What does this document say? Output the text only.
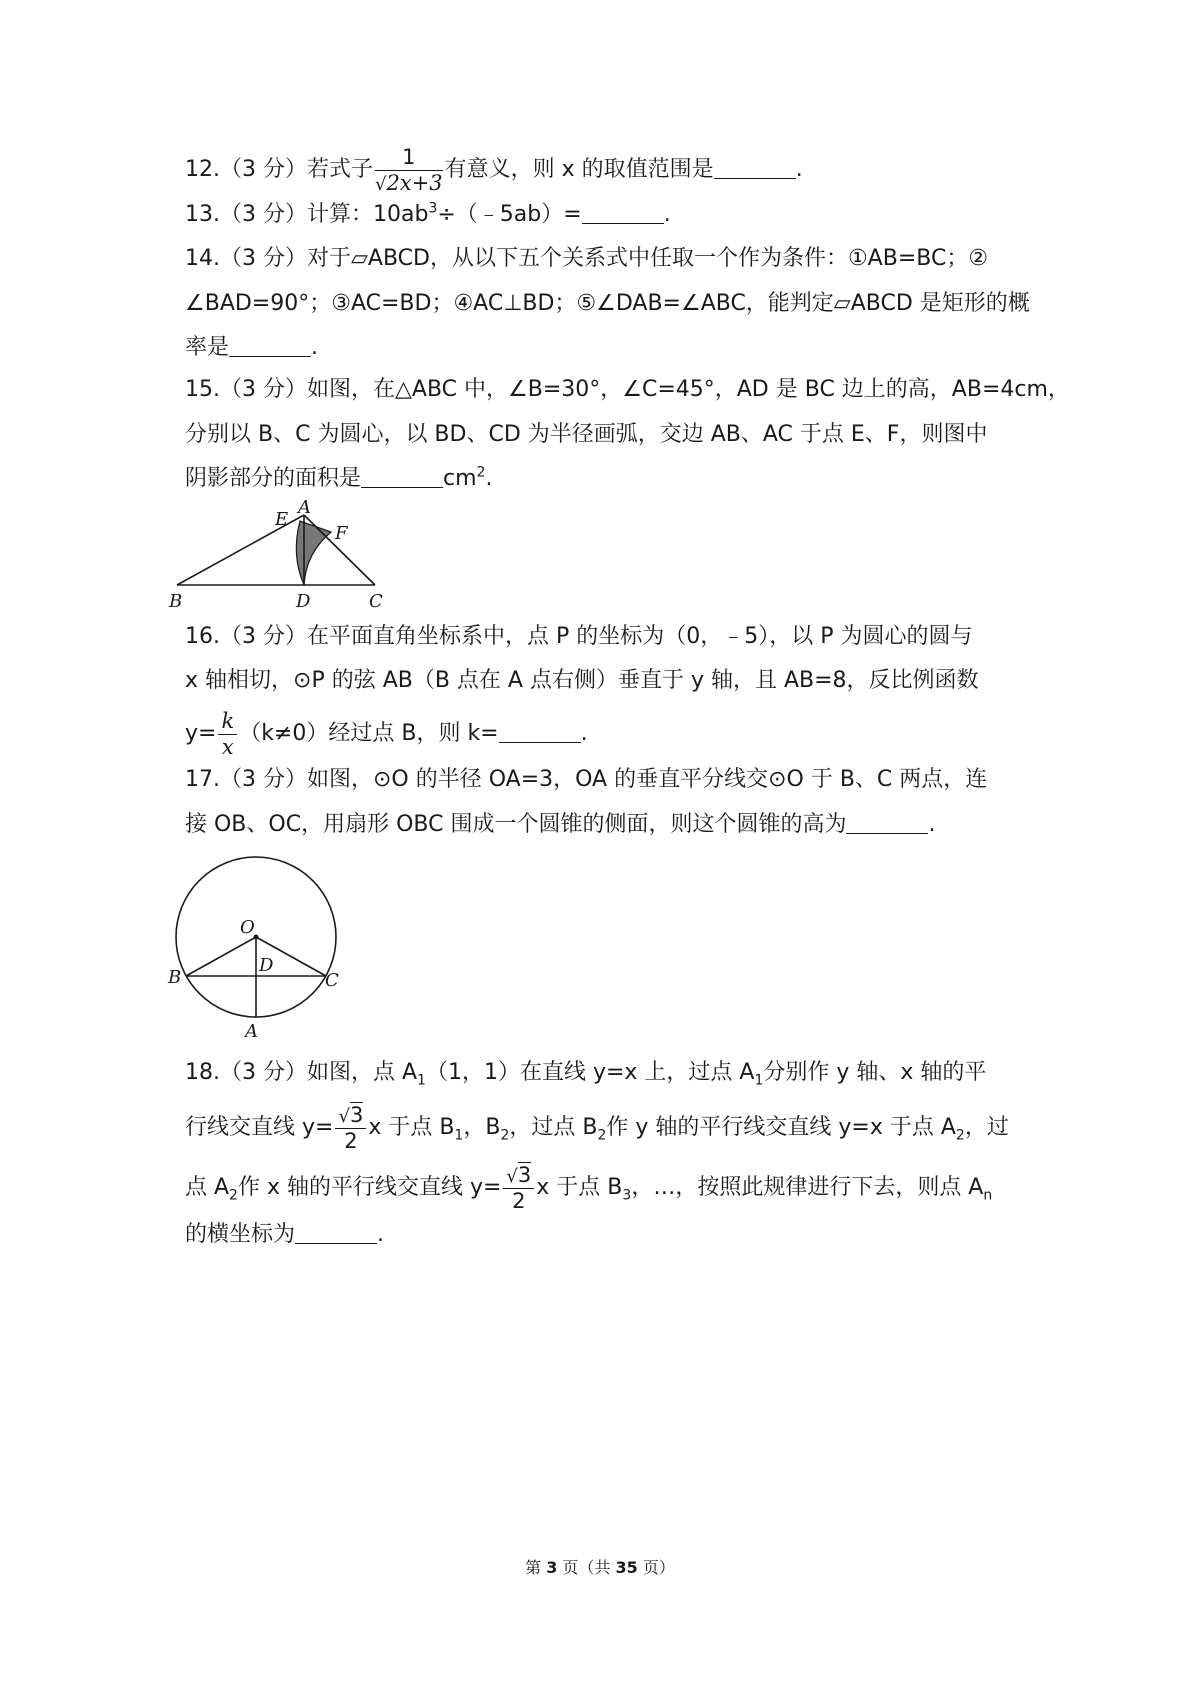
12.（3 分）若式子 $\frac{1}{√2x+3}$ 有意义，则 x 的取值范围是	.
13.（3 分）计算：$10ab^3\div(﹣5ab)=$	.
14.（3 分）对于▱ABCD，从以下五个关系式中任取一个作为条件：①AB=BC；②
∠BAD=90°；③AC=BD；④AC⊥BD；⑤∠DAB=∠ABC，能判定▱ABCD 是矩形的概
率是	.
15.（3 分）如图，在△ABC 中，∠B=30°，∠C=45°，AD 是 BC 边上的高，AB=4cm，
分别以 B、C 为圆心，以 BD、CD 为半径画弧，交边 AB、AC 于点 E、F，则图中
阴影部分的面积是	$cm^2$.
A
E
F
B	D	C
16.（3 分）在平面直角坐标系中，点 P 的坐标为（0，﹣5），以 P 为圆心的圆与
x 轴相切，⊙P 的弦 AB（B 点在 A 点右侧）垂直于 y 轴，且 AB=8，反比例函数
$y= \frac{k}{x} (k\ne 0)$经过点 B，则 k=	.
17.（3 分）如图，⊙O 的半径 OA=3，OA 的垂直平分线交⊙O 于 B、C 两点，连
接 OB、OC，用扇形 OBC 围成一个圆锥的侧面，则这个圆锥的高为	.
O
D
B	C
A
18.（3 分）如图，点 $A_1(1$，1）在直线 y=x 上，过点 $A_1$分别作 y 轴、x 轴的平
行线交直线 $y= \frac{√3}{2}$ x 于点 $B_1$，$B_2$，过点 $B_2$作 y 轴的平行线交直线 y=x 于点 $A_2$，过
点 $A_2$作 x 轴的平行线交直线 $y= \frac{√3}{2}$ x 于点 $B_3$，…，按照此规律进行下去，则点 $A_n$
的横坐标为	.
第 3 页（共 35 页）
